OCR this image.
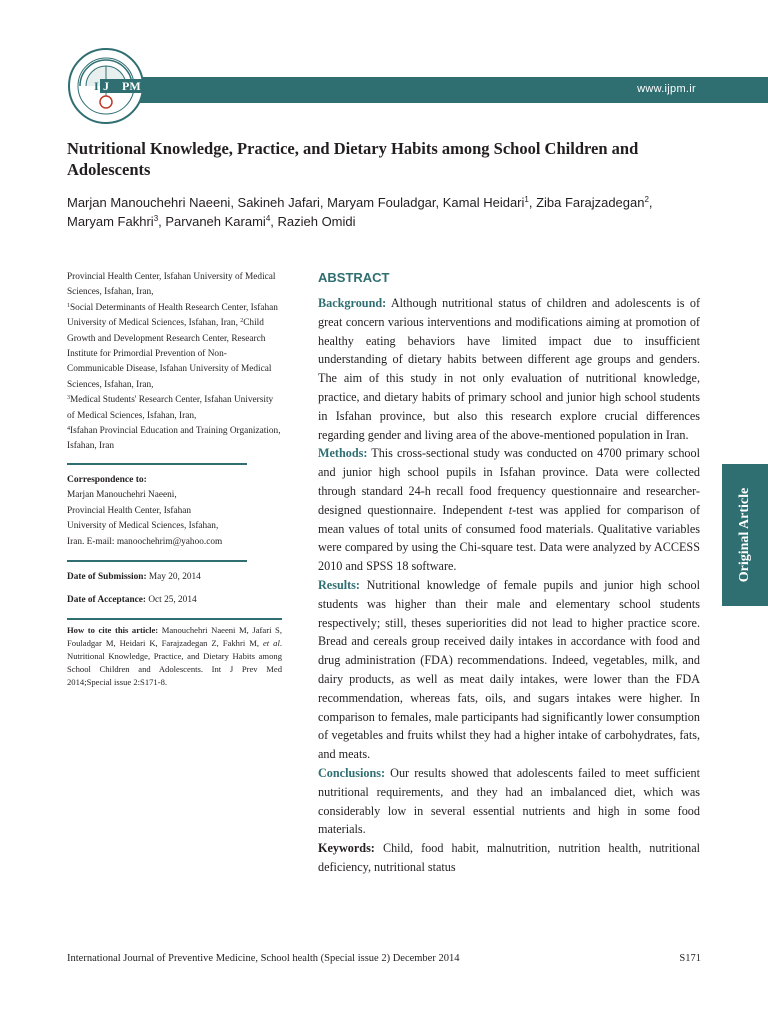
PM
J
I	www.ijpm.ir
Nutritional Knowledge, Practice, and Dietary Habits among School Children and Adolescents
Marjan Manouchehri Naeeni, Sakineh Jafari, Maryam Fouladgar, Kamal Heidari$^1$, Ziba Farajzadegan$^2$,
Maryam Fakhri$^3$, Parvaneh Karami$^4$, Razieh Omidi
Provincial Health Center, Isfahan University of Medical Sciences, Isfahan, Iran,
$^1$Social Determinants of Health Research Center, Isfahan University of Medical Sciences, Isfahan, Iran, $^2$Child Growth and Development Research Center, Research Institute for Primordial Prevention of Non-Communicable Disease, Isfahan University of Medical Sciences, Isfahan, Iran,
$^3$Medical Students' Research Center, Isfahan University of Medical Sciences, Isfahan, Iran,
$^4$Isfahan Provincial Education and Training Organization, Isfahan, Iran
Correspondence to:
Marjan Manouchehri Naeeni,
Provincial Health Center, Isfahan
University of Medical Sciences, Isfahan,
Iran. E-mail: manoochehrim@yahoo.com
Date of Submission: May 20, 2014
Date of Acceptance: Oct 25, 2014
How to cite this article: Manouchehri Naeeni M, Jafari S, Fouladgar M, Heidari K, Farajzadegan Z, Fakhri M, et al. Nutritional Knowledge, Practice, and Dietary Habits among School Children and Adolescents. Int J Prev Med 2014;Special issue 2:S171-8.
ABSTRACT

Background: Although nutritional status of children and adolescents is of great concern various interventions and modifications aiming at promotion of healthy eating behaviors have limited impact due to insufficient understanding of dietary habits between different age groups and genders. The aim of this study in not only evaluation of nutritional knowledge, practice, and dietary habits of primary school and junior high school students in Isfahan province, but also this research explore crucial differences regarding gender and living area of the above-mentioned population in Iran.

Methods: This cross-sectional study was conducted on 4700 primary school and junior high school pupils in Isfahan province. Data were collected through standard 24-h recall food frequency questionnaire and researcher-designed questionnaire. Independent t-test was applied for comparison of mean values of total units of consumed food materials. Qualitative variables were compared by using the Chi-square test. Data were analyzed by ACCESS 2010 and SPSS 18 software.

Results: Nutritional knowledge of female pupils and junior high school students was higher than their male and elementary school students respectively; still, theses superiorities did not lead to higher practice score. Bread and cereals group received daily intakes in accordance with food and drug administration (FDA) recommendations. Indeed, vegetables, milk, and dairy products, as well as meat daily intakes, were lower than the FDA recommendation, whereas fats, oils, and sugars intakes were higher. In comparison to females, male participants had significantly lower consumption of vegetables and fruits whilst they had a higher intake of carbohydrates, fats, and meats.

Conclusions: Our results showed that adolescents failed to meet sufficient nutritional requirements, and they had an imbalanced diet, which was considerably low in several essential nutrients and high in some food materials.

Keywords: Child, food habit, malnutrition, nutrition health, nutritional deficiency, nutritional status

Original Article
International Journal of Preventive Medicine, School health (Special issue 2) December 2014	S171
